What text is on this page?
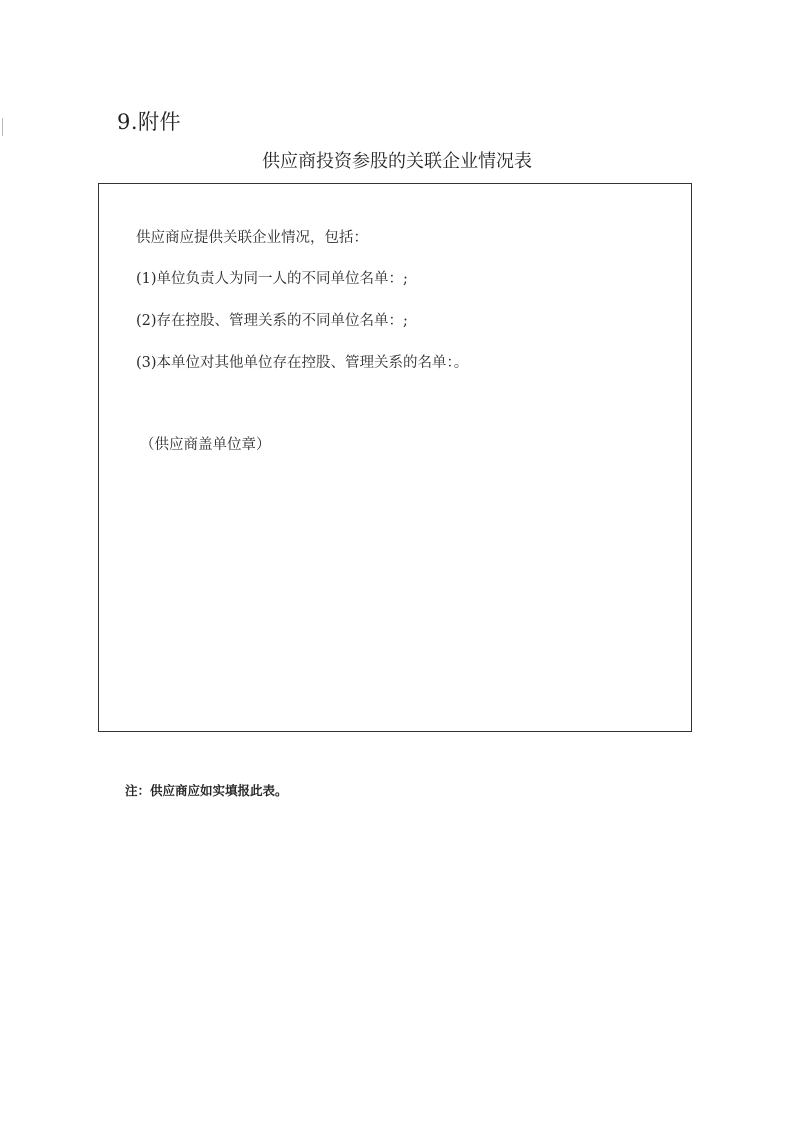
9.附件
供应商投资参股的关联企业情况表
供应商应提供关联企业情况，包括：
(1)单位负责人为同一人的不同单位名单：;
(2)存在控股、管理关系的不同单位名单：;
(3)本单位对其他单位存在控股、管理关系的名单：。
（供应商盖单位章）
注：供应商应如实填报此表。
